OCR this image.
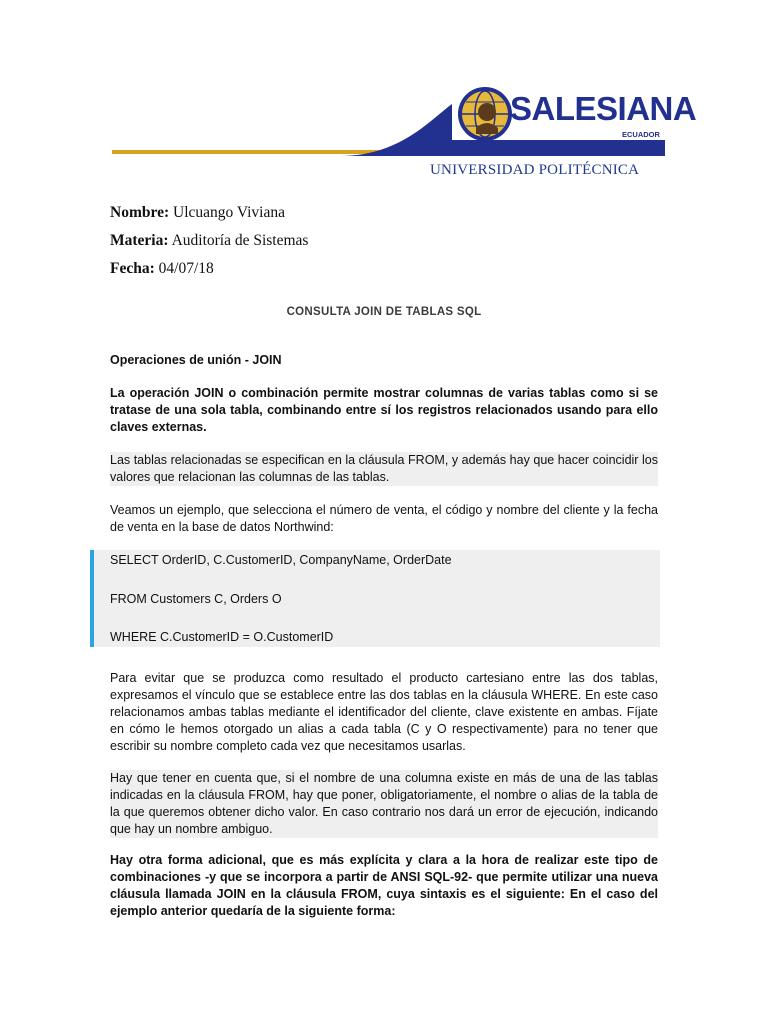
SALESIANA
ECUADOR
UNIVERSIDAD POLITÉCNICA
Nombre: Ulcuango Viviana
Materia: Auditoría de Sistemas
Fecha: 04/07/18
CONSULTA JOIN DE TABLAS SQL
Operaciones de unión - JOIN
La operación JOIN o combinación permite mostrar columnas de varias tablas como si se tratase de una sola tabla, combinando entre sí los registros relacionados usando para ello claves externas.
Las tablas relacionadas se especifican en la cláusula FROM, y además hay que hacer coincidir los valores que relacionan las columnas de las tablas.
Veamos un ejemplo, que selecciona el número de venta, el código y nombre del cliente y la fecha de venta en la base de datos Northwind:
SELECT OrderID, C.CustomerID, CompanyName, OrderDate
FROM Customers C, Orders O
WHERE C.CustomerID = O.CustomerID
Para evitar que se produzca como resultado el producto cartesiano entre las dos tablas, expresamos el vínculo que se establece entre las dos tablas en la cláusula WHERE. En este caso relacionamos ambas tablas mediante el identificador del cliente, clave existente en ambas. Fíjate en cómo le hemos otorgado un alias a cada tabla (C y O respectivamente) para no tener que escribir su nombre completo cada vez que necesitamos usarlas.
Hay que tener en cuenta que, si el nombre de una columna existe en más de una de las tablas indicadas en la cláusula FROM, hay que poner, obligatoriamente, el nombre o alias de la tabla de la que queremos obtener dicho valor. En caso contrario nos dará un error de ejecución, indicando que hay un nombre ambiguo.
Hay otra forma adicional, que es más explícita y clara a la hora de realizar este tipo de combinaciones -y que se incorpora a partir de ANSI SQL-92- que permite utilizar una nueva cláusula llamada JOIN en la cláusula FROM, cuya sintaxis es el siguiente: En el caso del ejemplo anterior quedaría de la siguiente forma:
